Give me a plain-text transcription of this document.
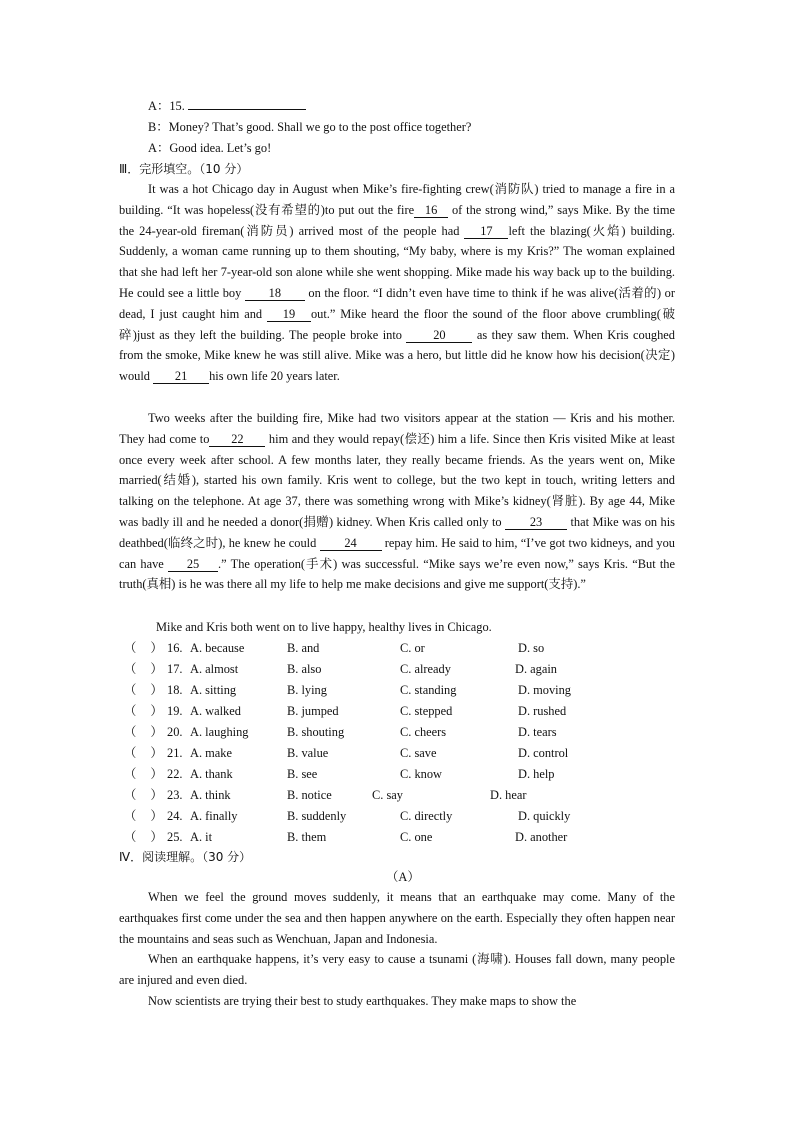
A：15.
B：Money? That’s good. Shall we go to the post office together?
A：Good idea. Let’s go!
Ⅲ．完形填空。（10 分）
It was a hot Chicago day in August when Mike’s fire-fighting crew(消防队) tried to manage a fire in a building. “It was hopeless(没有希望的)to put out the fire 16 of the strong wind,” says Mike. By the time the 24-year-old fireman(消防员) arrived most of the people had 17 left the blazing(火焰) building. Suddenly, a woman came running up to them shouting, “My baby, where is my Kris?” The woman explained that she had left her 7-year-old son alone while she went shopping. Mike made his way back up to the building. He could see a little boy 18 on the floor. “I didn’t even have time to think if he was alive(活着的) or dead, I just caught him and 19 out.” Mike heard the floor the sound of the floor above crumbling(破碎)just as they left the building. The people broke into 20 as they saw them. When Kris coughed from the smoke, Mike knew he was still alive. Mike was a hero, but little did he know how his decision(决定) would 21 his own life 20 years later.
Two weeks after the building fire, Mike had two visitors appear at the station — Kris and his mother. They had come to 22 him and they would repay(偿还) him a life. Since then Kris visited Mike at least once every week after school. A few months later, they really became friends. As the years went on, Mike married(结婚), started his own family. Kris went to college, but the two kept in touch, writing letters and talking on the telephone. At age 37, there was something wrong with Mike’s kidney(肾脏). By age 44, Mike was badly ill and he needed a donor(捐赠) kidney. When Kris called only to 23 that Mike was on his deathbed(临终之时), he knew he could 24 repay him. He said to him, “I’ve got two kidneys, and you can have 25 .” The operation(手术) was successful. “Mike says we’re even now,” says Kris. “But the truth(真相) is he was there all my life to help me make decisions and give me support(支持).”
Mike and Kris both went on to live happy, healthy lives in Chicago.
（ ） 16. A. because	B. and	C. or	D. so
（ ） 17. A. almost	B. also	C. already	D. again
（ ） 18. A. sitting	B. lying	C. standing	D. moving
（ ） 19. A. walked	B. jumped	C. stepped	D. rushed
（ ） 20. A. laughing	B. shouting	C. cheers	D. tears
（ ） 21. A. make	B. value	C. save	D. control
（ ） 22. A. thank	B. see	C. know	D. help
（ ） 23. A. think	B. notice	C. say	D. hear
（ ） 24. A. finally	B. suddenly	C. directly	D. quickly
（ ） 25. A. it	B. them	C. one	D. another
Ⅳ．阅读理解。（30 分）
（A）
When we feel the ground moves suddenly, it means that an earthquake may come. Many of the earthquakes first come under the sea and then happen anywhere on the earth. Especially they often happen near the mountains and seas such as Wenchuan, Japan and Indonesia.
When an earthquake happens, it’s very easy to cause a tsunami (海啸). Houses fall down, many people are injured and even died.
Now scientists are trying their best to study earthquakes. They make maps to show the
